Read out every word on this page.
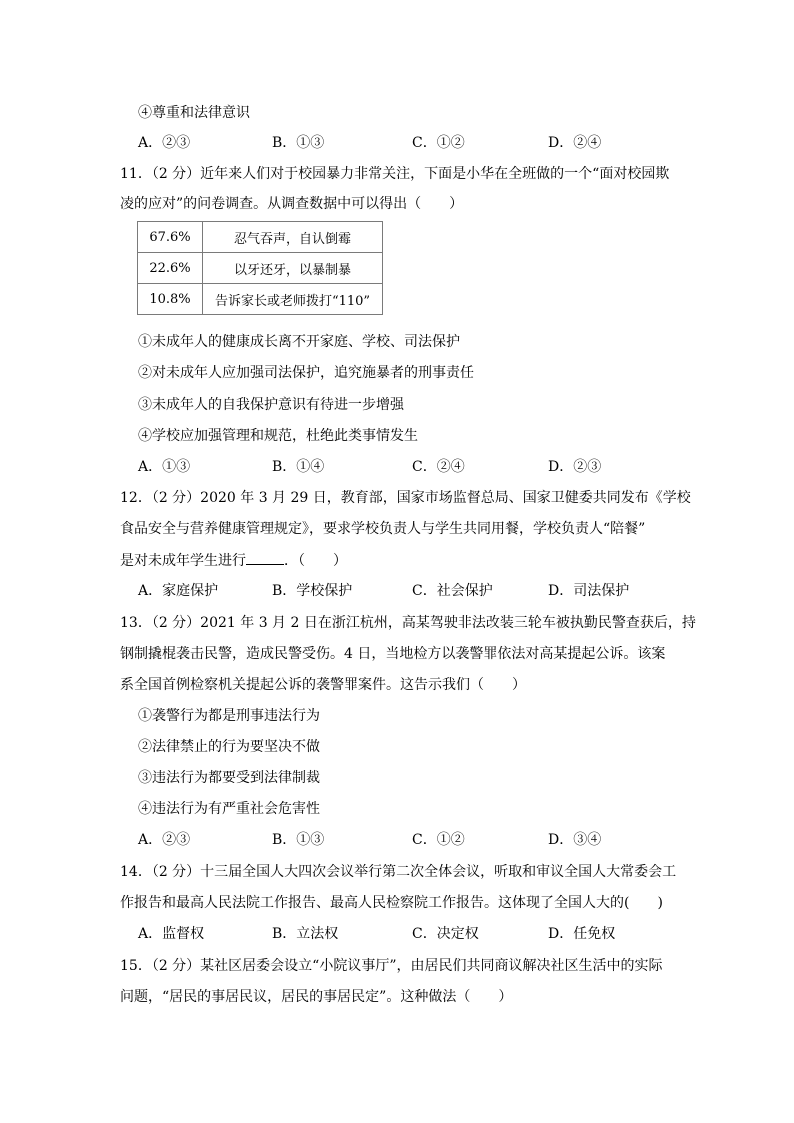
④尊重和法律意识
A．②③	B．①③	C．①②	D．②④
11．（2 分）近年来人们对于校园暴力非常关注，下面是小华在全班做的一个“面对校园欺
凌的应对”的问卷调查。从调查数据中可以得出（　　）
67.6%	忍气吞声，自认倒霉
22.6%	以牙还牙，以暴制暴
10.8%	告诉家长或老师拨打“110”
①未成年人的健康成长离不开家庭、学校、司法保护
②对未成年人应加强司法保护，追究施暴者的刑事责任
③未成年人的自我保护意识有待进一步增强
④学校应加强管理和规范，杜绝此类事情发生
A．①③	B．①④	C．②④	D．②③
12．（2 分）2020 年 3 月 29 日，教育部，国家市场监督总局、国家卫健委共同发布《学校
食品安全与营养健康管理规定》，要求学校负责人与学生共同用餐，学校负责人“陪餐”
是对未成年学生进行	．（　　）
A．家庭保护	B．学校保护	C．社会保护	D．司法保护
13．（2 分）2021 年 3 月 2 日在浙江杭州，高某驾驶非法改装三轮车被执勤民警查获后，持
钢制撬棍袭击民警，造成民警受伤。4 日，当地检方以袭警罪依法对高某提起公诉。该案
系全国首例检察机关提起公诉的袭警罪案件。这告示我们（　　）
①袭警行为都是刑事违法行为
②法律禁止的行为要坚决不做
③违法行为都要受到法律制裁
④违法行为有严重社会危害性
A．②③	B．①③	C．①②	D．③④
14．（2 分）十三届全国人大四次会议举行第二次全体会议，听取和审议全国人大常委会工
作报告和最高人民法院工作报告、最高人民检察院工作报告。这体现了全国人大的(　　)
A．监督权	B．立法权	C．决定权	D．任免权
15．（2 分）某社区居委会设立“小院议事厅”，由居民们共同商议解决社区生活中的实际
问题，“居民的事居民议，居民的事居民定”。这种做法（　　）
